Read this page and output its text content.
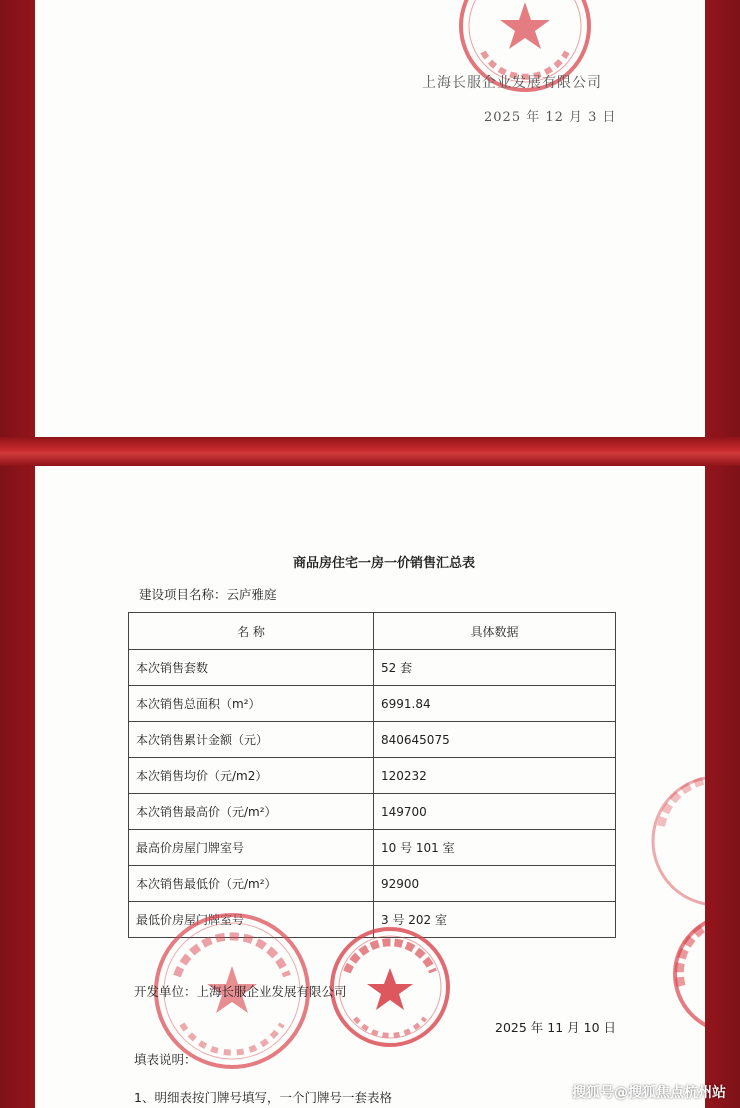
上海长服企业发展有限公司
2025 年 12 月 3 日
商品房住宅一房一价销售汇总表
建设项目名称：云庐雅庭
名 称	具体数据
本次销售套数	52 套
本次销售总面积（m²）	6991.84
本次销售累计金额（元）	840645075
本次销售均价（元/m2）	120232
本次销售最高价（元/m²）	149700
最高价房屋门牌室号	10 号 101 室
本次销售最低价（元/m²）	92900
最低价房屋门牌室号	3 号 202 室
开发单位：上海长服企业发展有限公司
2025 年 11 月 10 日
填表说明：
1、明细表按门牌号填写，一个门牌号一套表格	搜狐号@搜狐焦点杭州站
